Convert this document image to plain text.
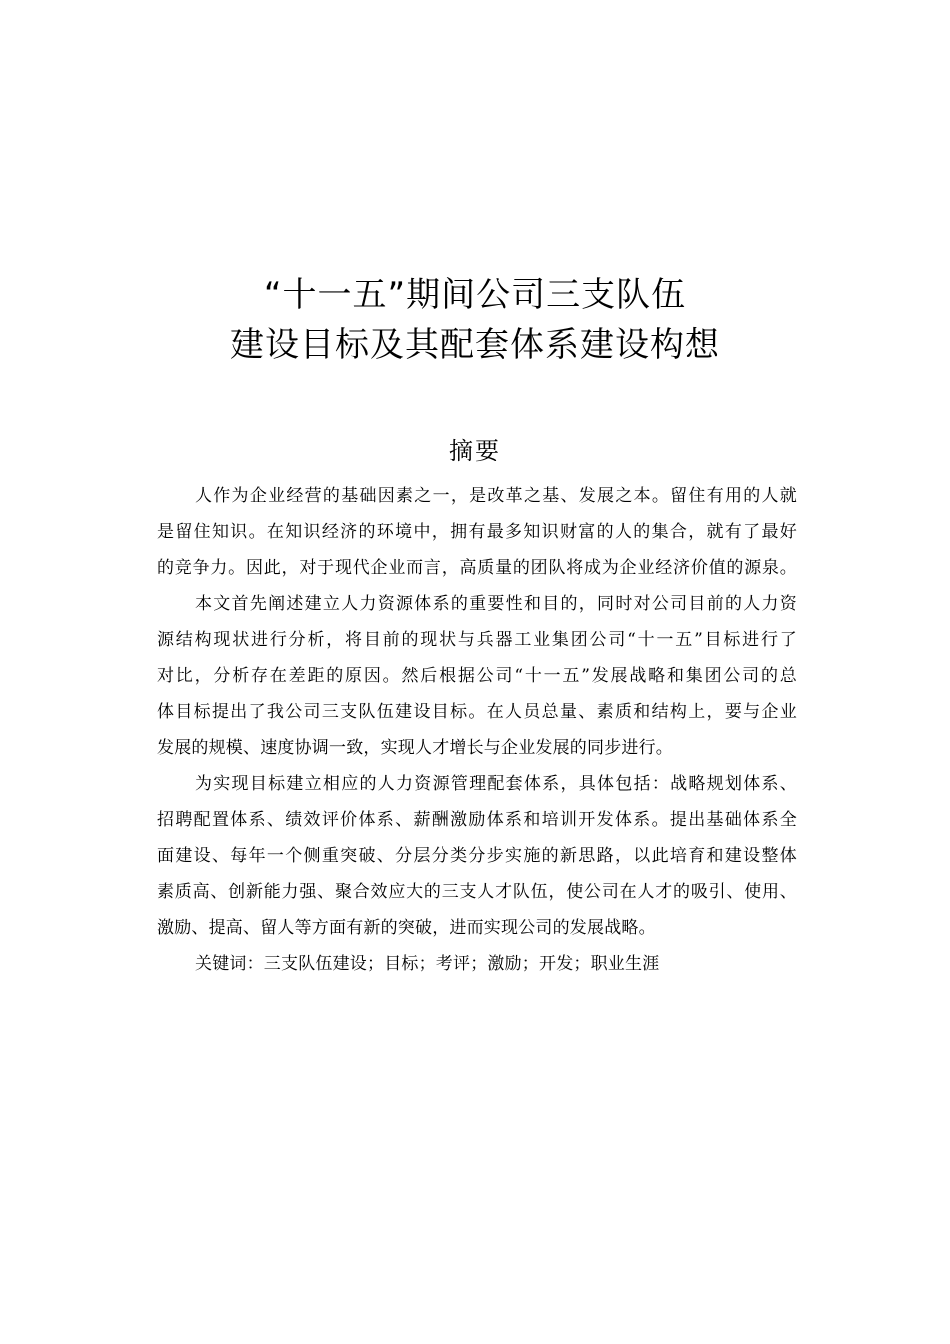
“十一五”期间公司三支队伍
建设目标及其配套体系建设构想
摘要
人作为企业经营的基础因素之一，是改革之基、发展之本。留住有用的人就
是留住知识。在知识经济的环境中，拥有最多知识财富的人的集合，就有了最好
的竞争力。因此，对于现代企业而言，高质量的团队将成为企业经济价值的源泉。
本文首先阐述建立人力资源体系的重要性和目的，同时对公司目前的人力资
源结构现状进行分析，将目前的现状与兵器工业集团公司“十一五”目标进行了
对比，分析存在差距的原因。然后根据公司“十一五”发展战略和集团公司的总
体目标提出了我公司三支队伍建设目标。在人员总量、素质和结构上，要与企业
发展的规模、速度协调一致，实现人才增长与企业发展的同步进行。
为实现目标建立相应的人力资源管理配套体系，具体包括：战略规划体系、
招聘配置体系、绩效评价体系、薪酬激励体系和培训开发体系。提出基础体系全
面建设、每年一个侧重突破、分层分类分步实施的新思路，以此培育和建设整体
素质高、创新能力强、聚合效应大的三支人才队伍，使公司在人才的吸引、使用、
激励、提高、留人等方面有新的突破，进而实现公司的发展战略。
关键词：三支队伍建设；目标；考评；激励；开发；职业生涯
